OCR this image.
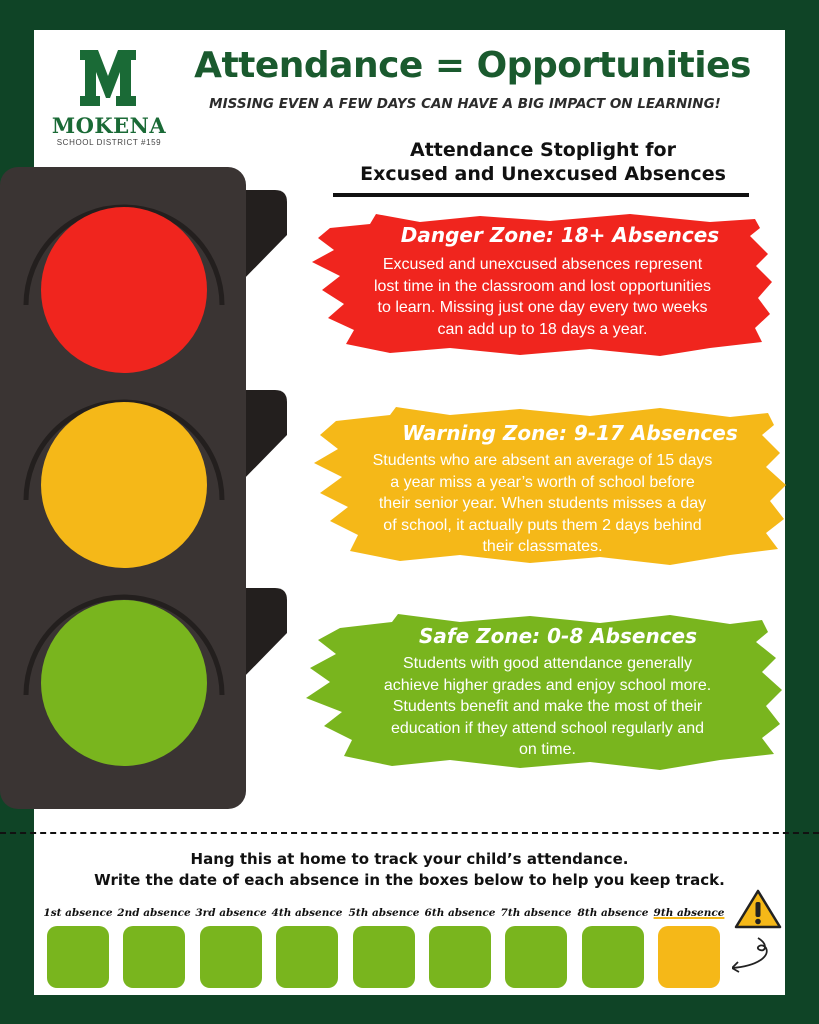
MOKENA
SCHOOL DISTRICT #159
Attendance = Opportunities
MISSING EVEN A FEW DAYS CAN HAVE A BIG IMPACT ON LEARNING!
Attendance Stoplight for
Excused and Unexcused Absences
Danger Zone: 18+ Absences
Excused and unexcused absences represent
lost time in the classroom and lost opportunities
to learn. Missing just one day every two weeks
can add up to 18 days a year.
Warning Zone: 9-17 Absences
Students who are absent an average of 15 days
a year miss a year’s worth of school before
their senior year. When students misses a day
of school, it actually puts them 2 days behind
their classmates.
Safe Zone: 0-8 Absences
Students with good attendance generally
achieve higher grades and enjoy school more.
Students benefit and make the most of their
education if they attend school regularly and
on time.
Hang this at home to track your child’s attendance.
Write the date of each absence in the boxes below to help you keep track.
1st absence 2nd absence 3rd absence 4th absence 5th absence 6th absence 7th absence 8th absence 9th absence
